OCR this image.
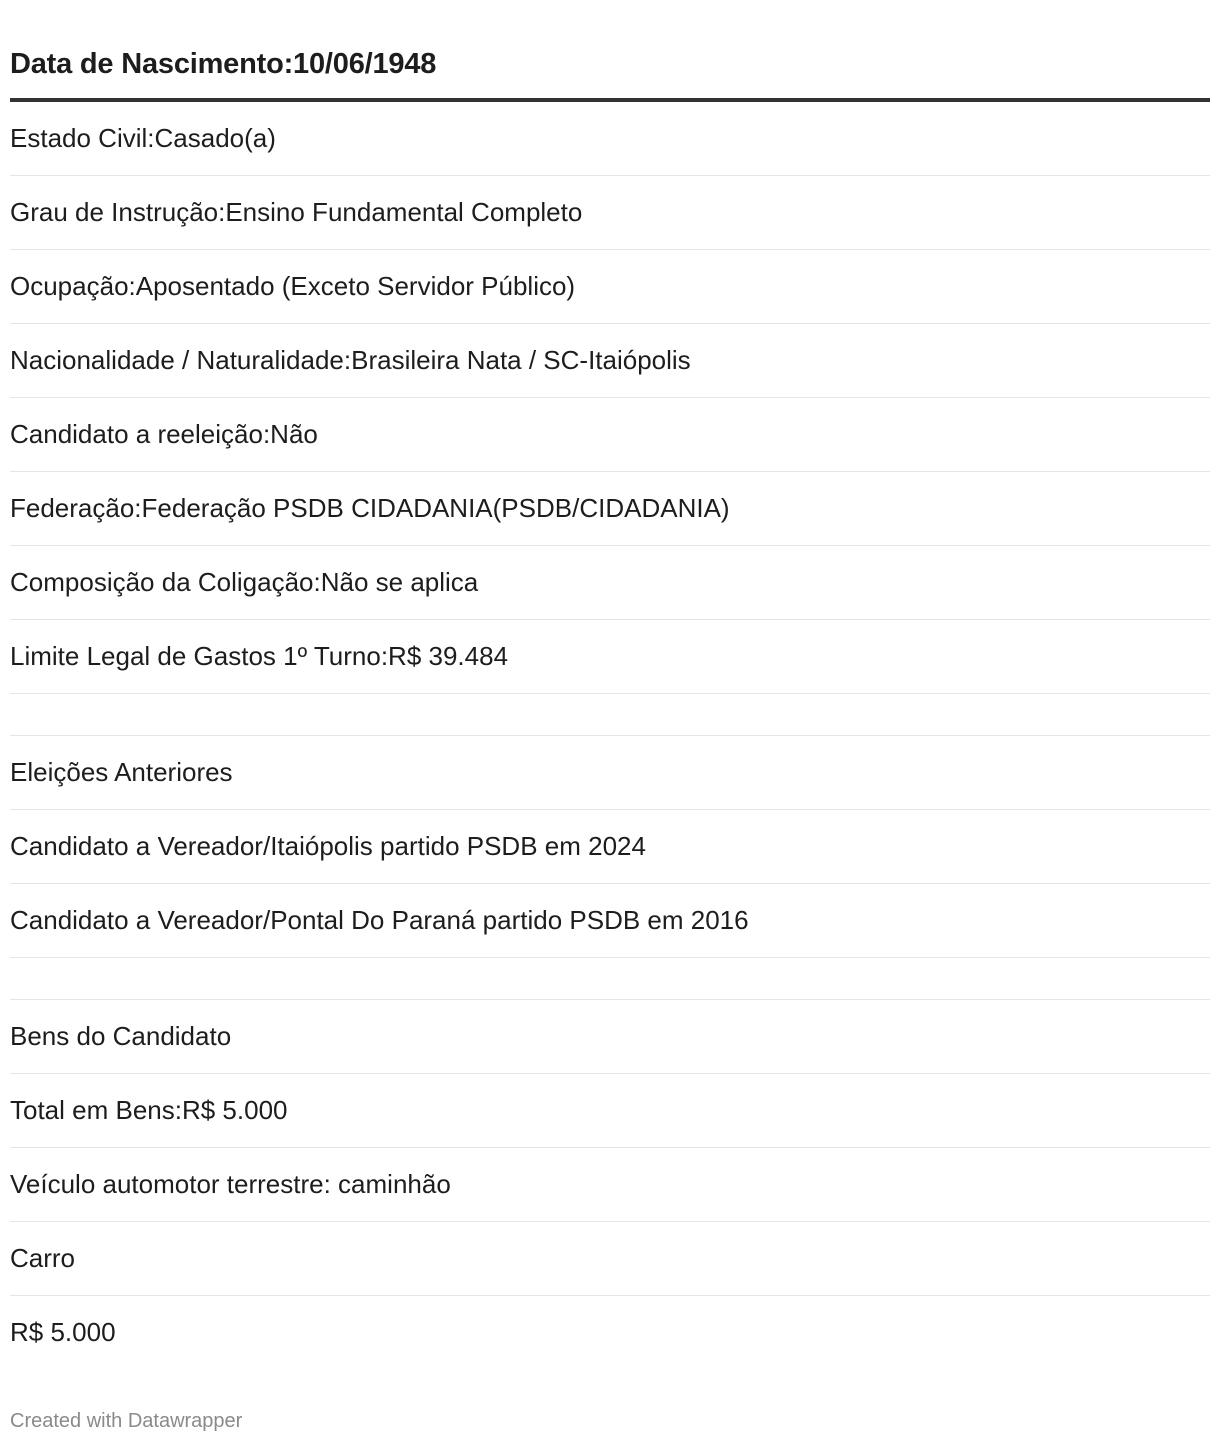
Data de Nascimento:10/06/1948
Estado Civil:Casado(a)
Grau de Instrução:Ensino Fundamental Completo
Ocupação:Aposentado (Exceto Servidor Público)
Nacionalidade / Naturalidade:Brasileira Nata / SC-Itaiópolis
Candidato a reeleição:Não
Federação:Federação PSDB CIDADANIA(PSDB/CIDADANIA)
Composição da Coligação:Não se aplica
Limite Legal de Gastos 1º Turno:R$ 39.484
Eleições Anteriores
Candidato a Vereador/Itaiópolis partido PSDB em 2024
Candidato a Vereador/Pontal Do Paraná partido PSDB em 2016
Bens do Candidato
Total em Bens:R$ 5.000
Veículo automotor terrestre: caminhão
Carro
R$ 5.000
Created with Datawrapper
